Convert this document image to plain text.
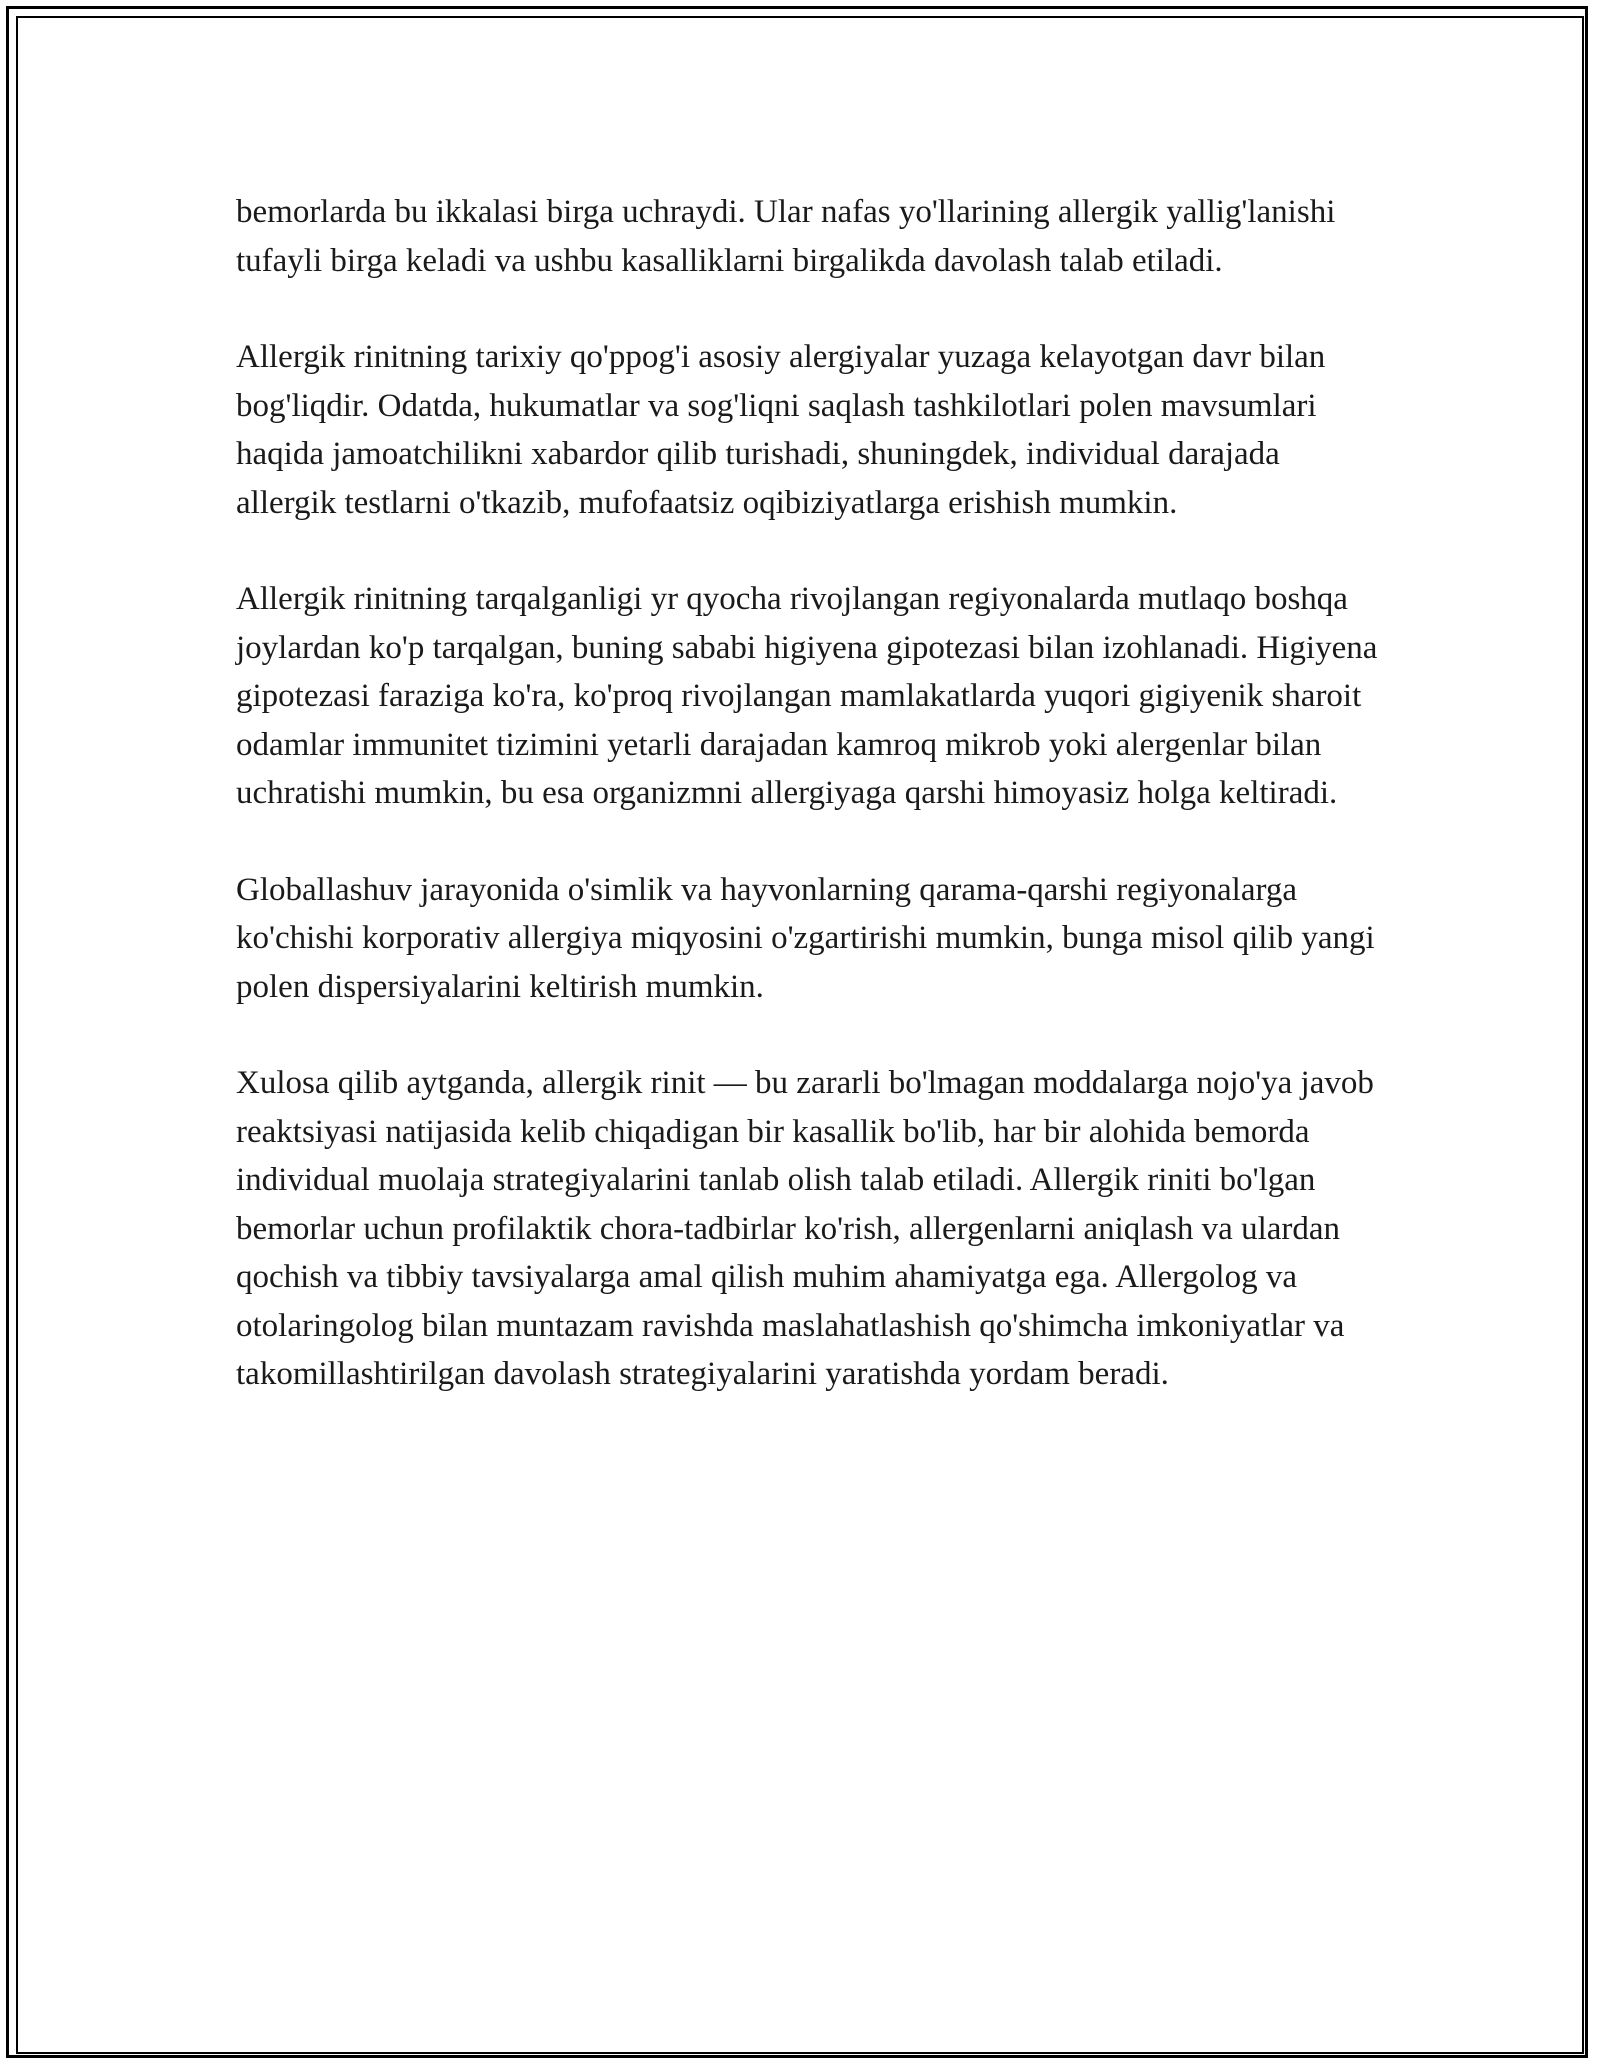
bemorlarda bu ikkalasi birga uchraydi. Ular nafas yo'llarining allergik yallig'lanishi tufayli birga keladi va ushbu kasalliklarni birgalikda davolash talab etiladi.

Allergik rinitning tarixiy qo'ppog'i asosiy alergiyalar yuzaga kelayotgan davr bilan bog'liqdir. Odatda, hukumatlar va sog'liqni saqlash tashkilotlari polen mavsumlari haqida jamoatchilikni xabardor qilib turishadi, shuningdek, individual darajada allergik testlarni o'tkazib, mufofaatsiz oqibiziyatlarga erishish mumkin.

Allergik rinitning tarqalganligi yr qyocha rivojlangan regiyonalarda mutlaqo boshqa joylardan ko'p tarqalgan, buning sababi higiyena gipotezasi bilan izohlanadi. Higiyena gipotezasi faraziga ko'ra, ko'proq rivojlangan mamlakatlarda yuqori gigiyenik sharoit odamlar immunitet tizimini yetarli darajadan kamroq mikrob yoki alergenlar bilan uchratishi mumkin, bu esa organizmni allergiyaga qarshi himoyasiz holga keltiradi.

Globallashuv jarayonida o'simlik va hayvonlarning qarama-qarshi regiyonalarga ko'chishi korporativ allergiya miqyosini o'zgartirishi mumkin, bunga misol qilib yangi polen dispersiyalarini keltirish mumkin.

Xulosa qilib aytganda, allergik rinit — bu zararli bo'lmagan moddalarga nojo'ya javob reaktsiyasi natijasida kelib chiqadigan bir kasallik bo'lib, har bir alohida bemorda individual muolaja strategiyalarini tanlab olish talab etiladi. Allergik riniti bo'lgan bemorlar uchun profilaktik chora-tadbirlar ko'rish, allergenlarni aniqlash va ulardan qochish va tibbiy tavsiyalarga amal qilish muhim ahamiyatga ega. Allergolog va otolaringolog bilan muntazam ravishda maslahatlashish qo'shimcha imkoniyatlar va takomillashtirilgan davolash strategiyalarini yaratishda yordam beradi.
